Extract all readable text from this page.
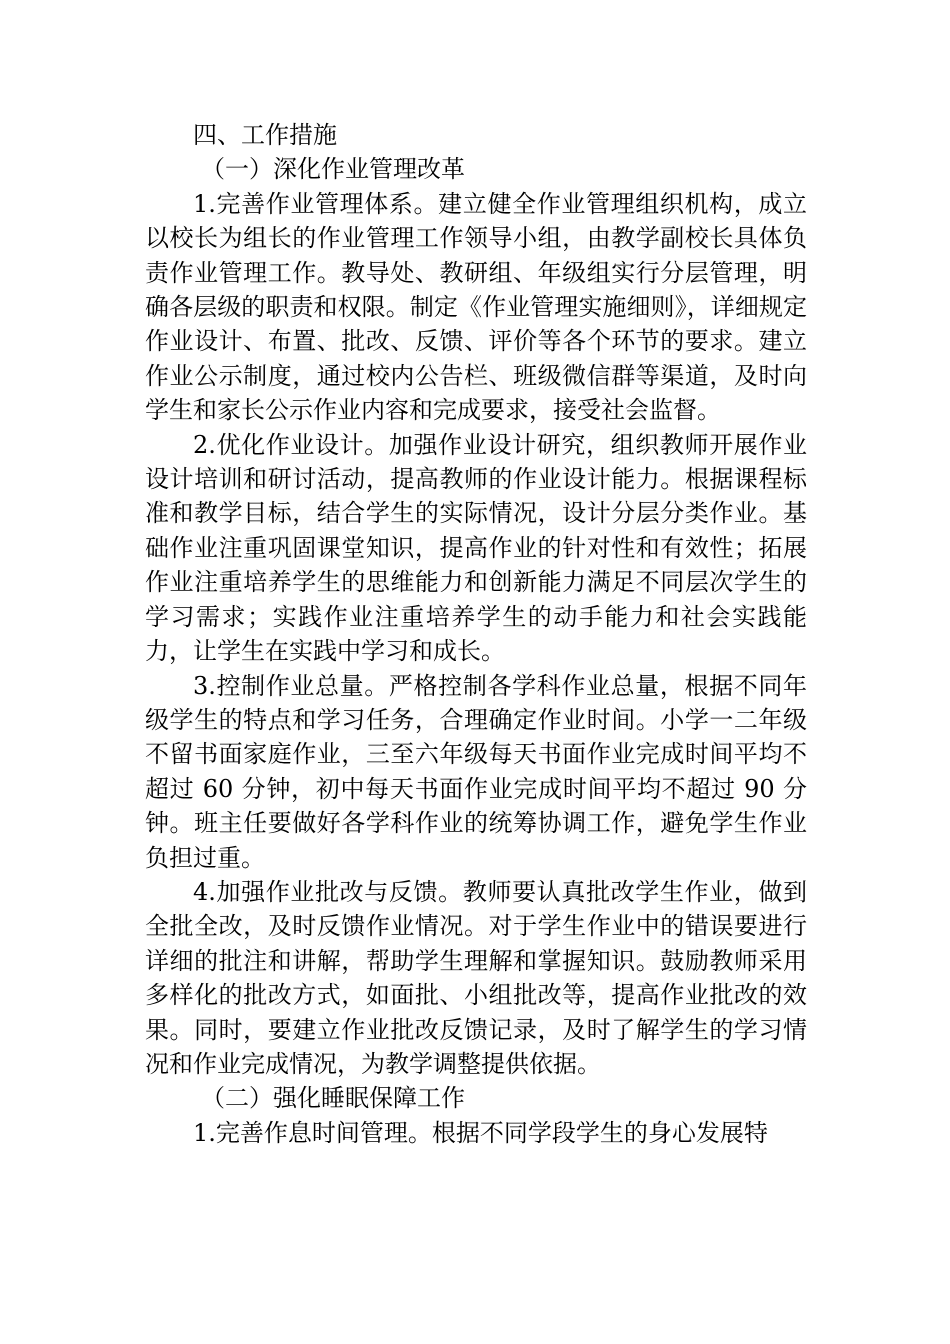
四、工作措施

（一）深化作业管理改革

1.完善作业管理体系。建立健全作业管理组织机构，成立以校长为组长的作业管理工作领导小组，由教学副校长具体负责作业管理工作。教导处、教研组、年级组实行分层管理，明确各层级的职责和权限。制定《作业管理实施细则》，详细规定作业设计、布置、批改、反馈、评价等各个环节的要求。建立作业公示制度，通过校内公告栏、班级微信群等渠道，及时向学生和家长公示作业内容和完成要求，接受社会监督。

2.优化作业设计。加强作业设计研究，组织教师开展作业设计培训和研讨活动，提高教师的作业设计能力。根据课程标准和教学目标，结合学生的实际情况，设计分层分类作业。基础作业注重巩固课堂知识，提高作业的针对性和有效性；拓展作业注重培养学生的思维能力和创新能力满足不同层次学生的学习需求；实践作业注重培养学生的动手能力和社会实践能力，让学生在实践中学习和成长。

3.控制作业总量。严格控制各学科作业总量，根据不同年级学生的特点和学习任务，合理确定作业时间。小学一二年级不留书面家庭作业，三至六年级每天书面作业完成时间平均不超过 60 分钟，初中每天书面作业完成时间平均不超过 90 分钟。班主任要做好各学科作业的统筹协调工作，避免学生作业负担过重。

4.加强作业批改与反馈。教师要认真批改学生作业，做到全批全改，及时反馈作业情况。对于学生作业中的错误要进行详细的批注和讲解，帮助学生理解和掌握知识。鼓励教师采用多样化的批改方式，如面批、小组批改等，提高作业批改的效果。同时，要建立作业批改反馈记录，及时了解学生的学习情况和作业完成情况，为教学调整提供依据。

（二）强化睡眠保障工作

1.完善作息时间管理。根据不同学段学生的身心发展特
